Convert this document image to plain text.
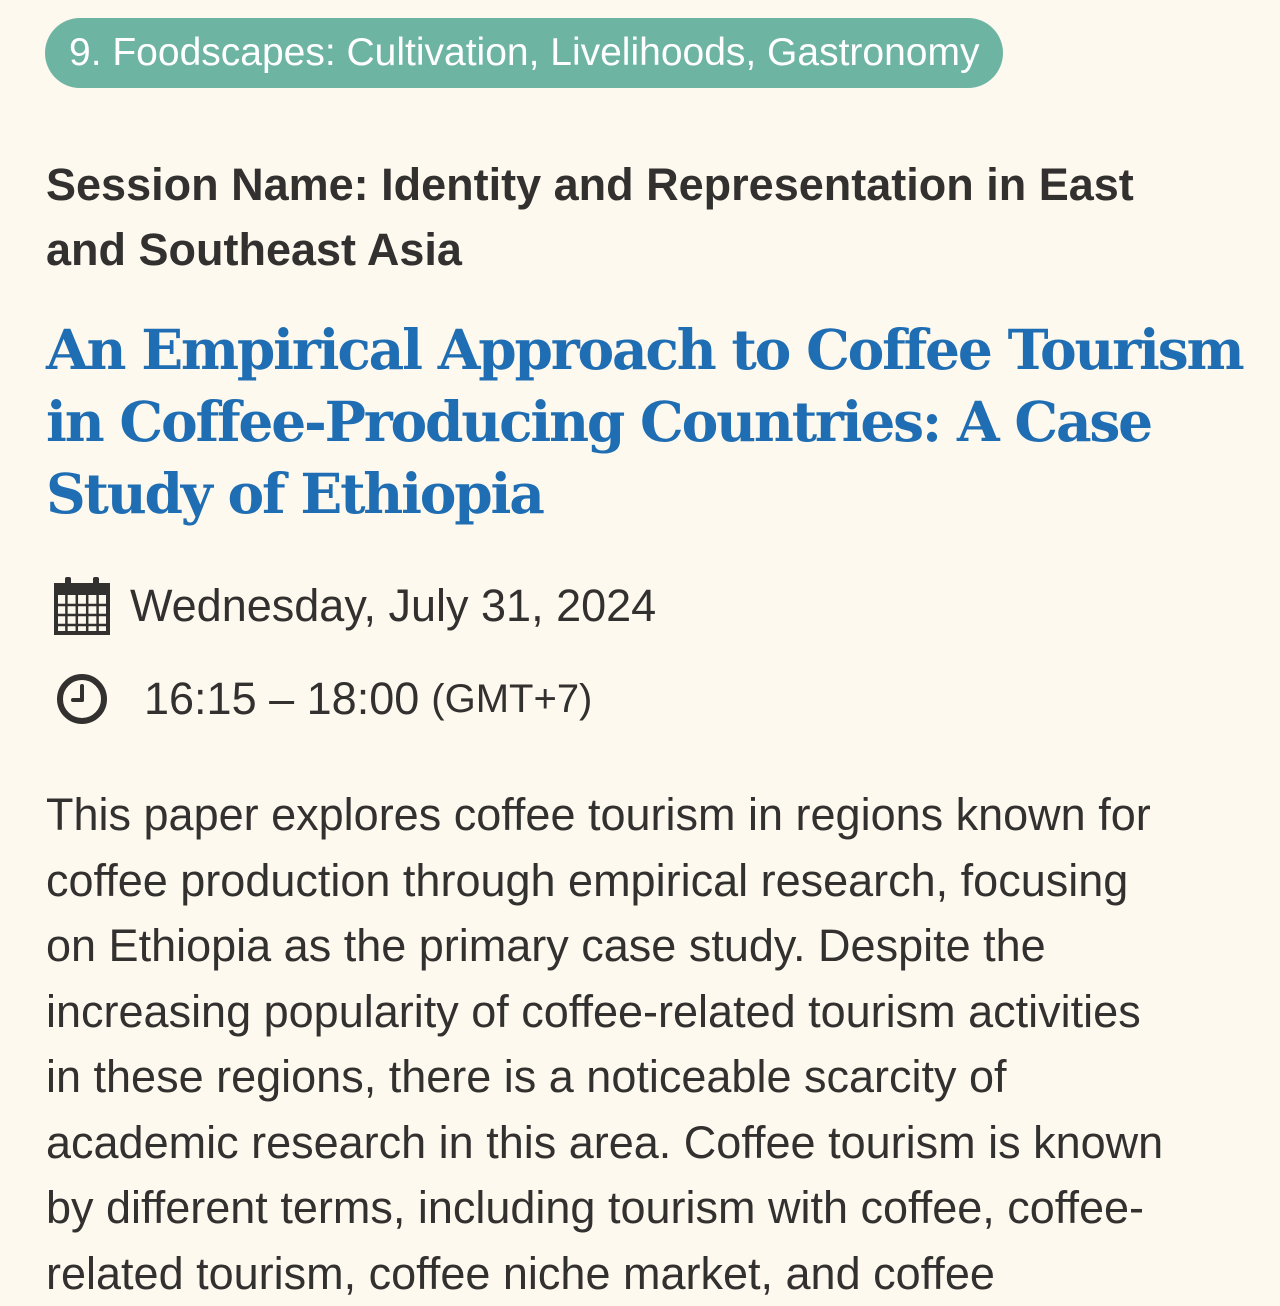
9. Foodscapes: Cultivation, Livelihoods, Gastronomy
Session Name: Identity and Representation in East
and Southeast Asia
An Empirical Approach to Coffee Tourism
in Coffee-Producing Countries: A Case
Study of Ethiopia
Wednesday, July 31, 2024
16:15 – 18:00 (GMT+7)
This paper explores coffee tourism in regions known for
coffee production through empirical research, focusing
on Ethiopia as the primary case study. Despite the
increasing popularity of coffee-related tourism activities
in these regions, there is a noticeable scarcity of
academic research in this area. Coffee tourism is known
by different terms, including tourism with coffee, coffee-
related tourism, coffee niche market, and coffee
